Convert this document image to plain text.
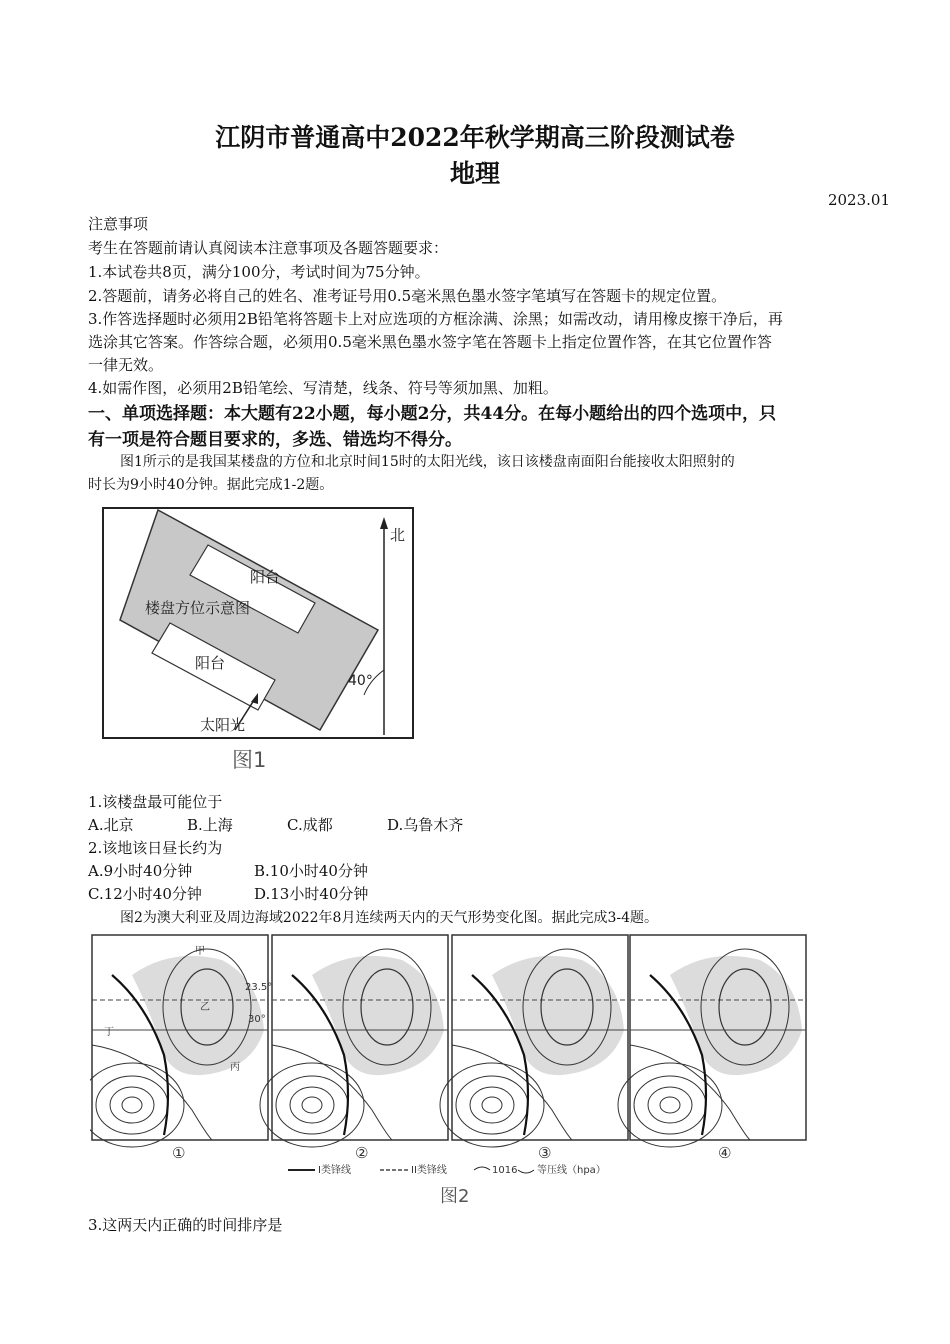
江阴市普通高中2022年秋学期高三阶段测试卷
地理
2023.01
注意事项
考生在答题前请认真阅读本注意事项及各题答题要求：
1.本试卷共8页，满分100分，考试时间为75分钟。
2.答题前，请务必将自己的姓名、准考证号用0.5毫米黑色墨水签字笔填写在答题卡的规定位置。
3.作答选择题时必须用2B铅笔将答题卡上对应选项的方框涂满、涂黑；如需改动，请用橡皮擦干净后，再
选涂其它答案。作答综合题，必须用0.5毫米黑色墨水签字笔在答题卡上指定位置作答，在其它位置作答
一律无效。
4.如需作图，必须用2B铅笔绘、写清楚，线条、符号等须加黑、加粗。
一、单项选择题：本大题有22小题，每小题2分，共44分。在每小题给出的四个选项中，只
有一项是符合题目要求的，多选、错选均不得分。
图1所示的是我国某楼盘的方位和北京时间15时的太阳光线，该日该楼盘南面阳台能接收太阳照射的
时长为9小时40分钟。据此完成1-2题。
阳台
楼盘方位示意图
阳台
太阳光
北
40°
图1
1.该楼盘最可能位于
A.北京	B.上海	C.成都	D.乌鲁木齐
2.该地该日昼长约为
A.9小时40分钟	B.10小时40分钟
C.12小时40分钟	D.13小时40分钟
图2为澳大利亚及周边海域2022年8月连续两天内的天气形势变化图。据此完成3-4题。
甲
乙
丙
丁
23.5°
30°
①	②	③	④
I类锋线	II类锋线	1016 等压线（hpa）
图2
3.这两天内正确的时间排序是
